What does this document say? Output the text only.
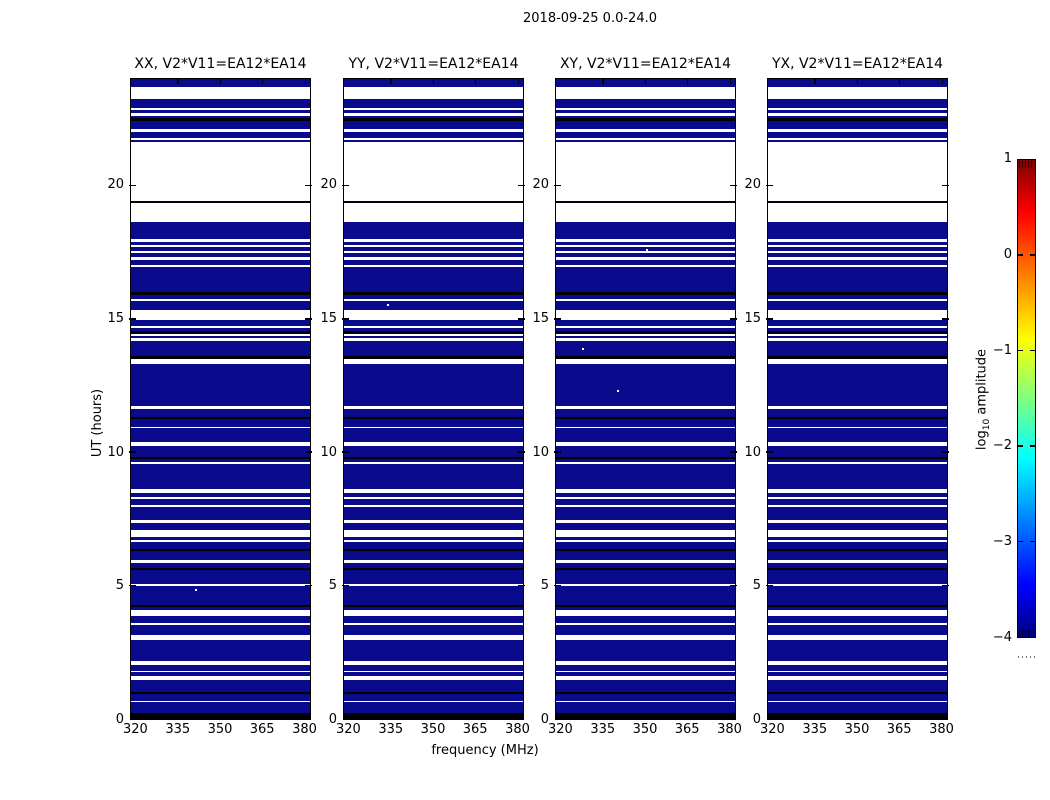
2018-09-25 0.0-24.0
frequency (MHz)
UT (hours)	$\log_{10}$ amplitude
XX, V2*V11=EA12*EA14
0
5
10
15
20
320	335	350	365	380
YY, V2*V11=EA12*EA14
0
5
10
15
20
320	335	350	365	380
XY, V2*V11=EA12*EA14
0
5
10
15
20
320	335	350	365	380
YX, V2*V11=EA12*EA14
0
5
10
15
20
320	335	350	365	380
1
0
−1
−2
−3
−4
